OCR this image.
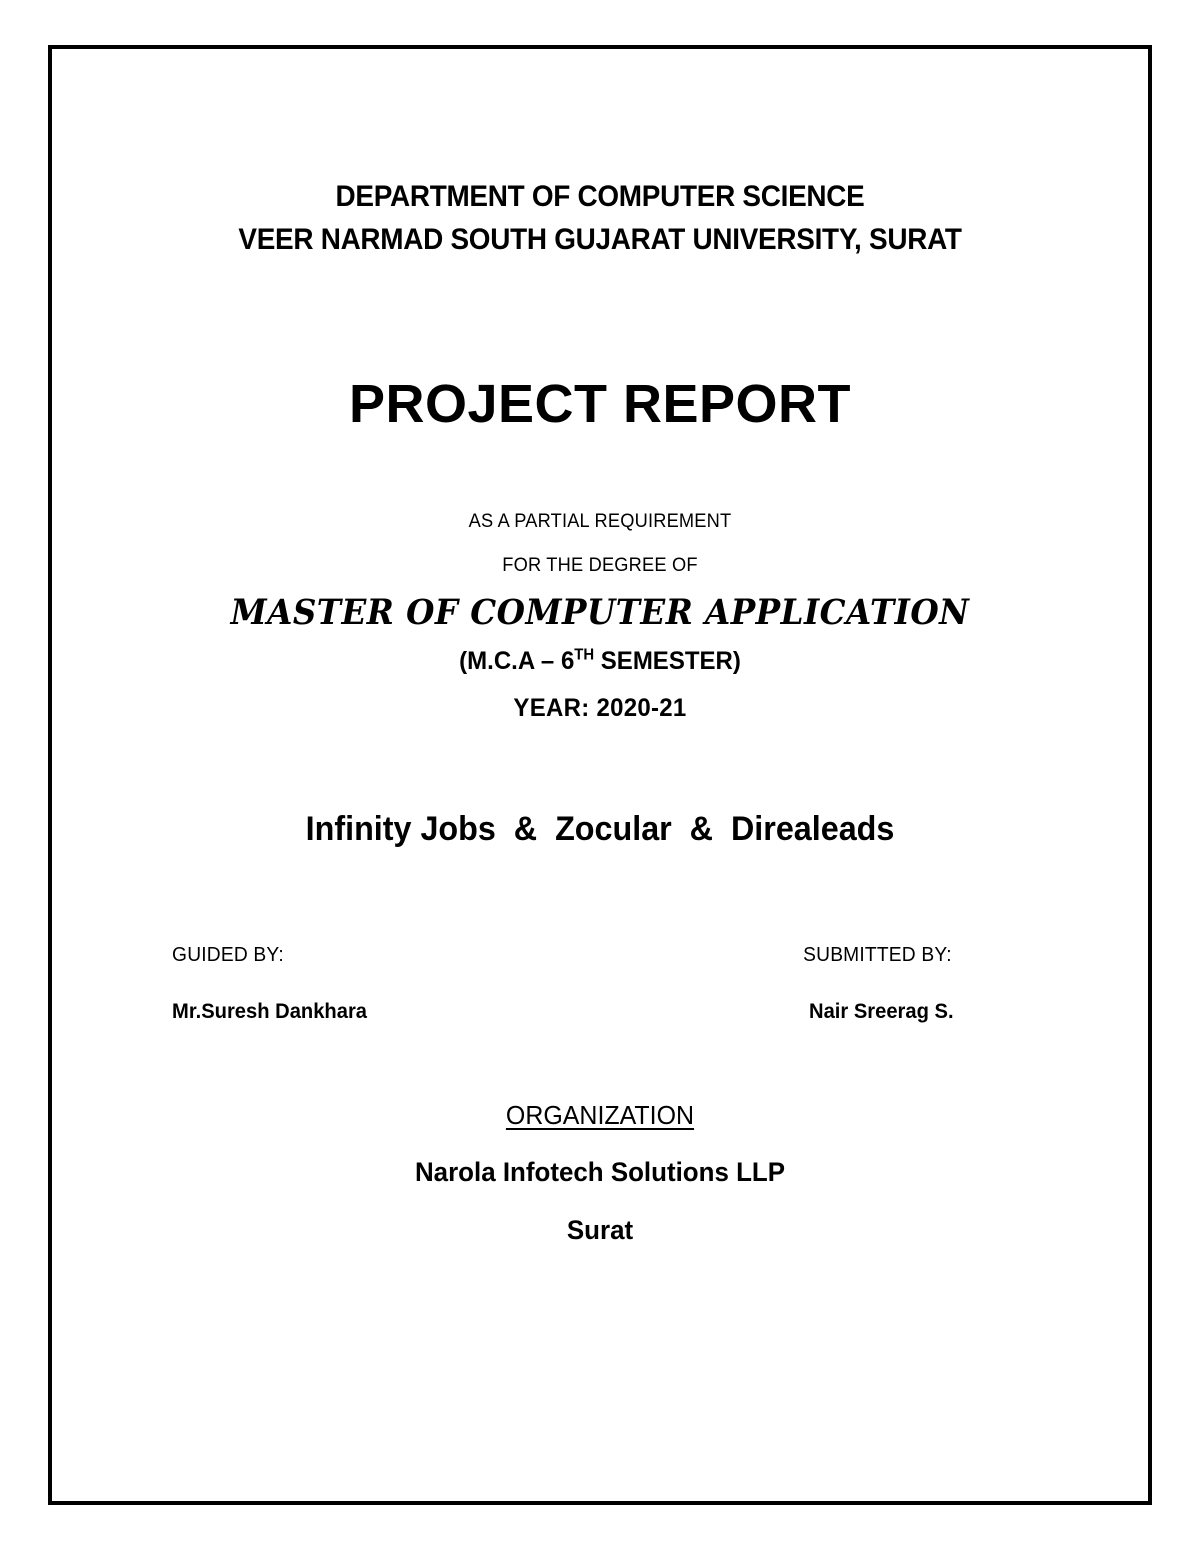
DEPARTMENT OF COMPUTER SCIENCE
VEER NARMAD SOUTH GUJARAT UNIVERSITY, SURAT
PROJECT REPORT
AS A PARTIAL REQUIREMENT
FOR THE DEGREE OF
MASTER OF COMPUTER APPLICATION
(M.C.A – 6TH SEMESTER)
YEAR: 2020-21
Infinity Jobs  &  Zocular  &  Direaleads
GUIDED BY:
Mr.Suresh Dankhara
SUBMITTED BY:
Nair Sreerag S.
ORGANIZATION
Narola Infotech Solutions LLP
Surat
